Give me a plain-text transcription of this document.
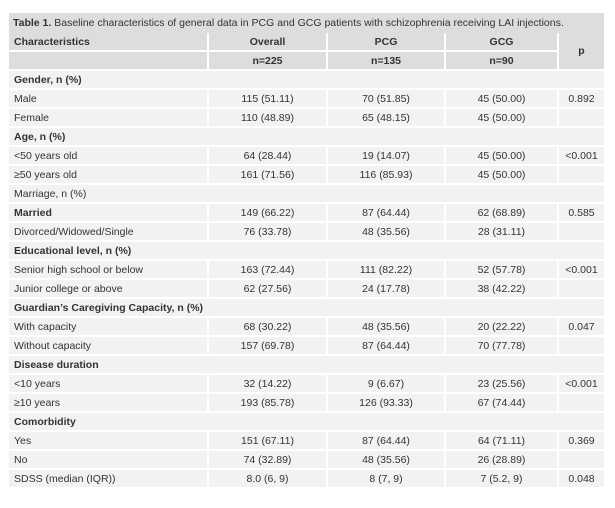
Table 1. Baseline characteristics of general data in PCG and GCG patients with schizophrenia receiving LAI injections.
Characteristics	Overall	PCG	GCG	p
	n=225	n=135	n=90	
Gender, n (%)				
Male	115 (51.11)	70 (51.85)	45 (50.00)	0.892
Female	110 (48.89)	65 (48.15)	45 (50.00)	
Age, n (%)				
<50 years old	64 (28.44)	19 (14.07)	45 (50.00)	<0.001
≥50 years old	161 (71.56)	116 (85.93)	45 (50.00)	
Marriage, n (%)				
Married	149 (66.22)	87 (64.44)	62 (68.89)	0.585
Divorced/Widowed/Single	76 (33.78)	48 (35.56)	28 (31.11)	
Educational level, n (%)				
Senior high school or below	163 (72.44)	111 (82.22)	52 (57.78)	<0.001
Junior college or above	62 (27.56)	24 (17.78)	38 (42.22)	
Guardian’s Caregiving Capacity, n (%)				
With capacity	68 (30.22)	48 (35.56)	20 (22.22)	0.047
Without capacity	157 (69.78)	87 (64.44)	70 (77.78)	
Disease duration				
<10 years	32 (14.22)	9 (6.67)	23 (25.56)	<0.001
≥10 years	193 (85.78)	126 (93.33)	67 (74.44)	
Comorbidity				
Yes	151 (67.11)	87 (64.44)	64 (71.11)	0.369
No	74 (32.89)	48 (35.56)	26 (28.89)	
SDSS (median (IQR))	8.0 (6, 9)	8 (7, 9)	7 (5.2, 9)	0.048
